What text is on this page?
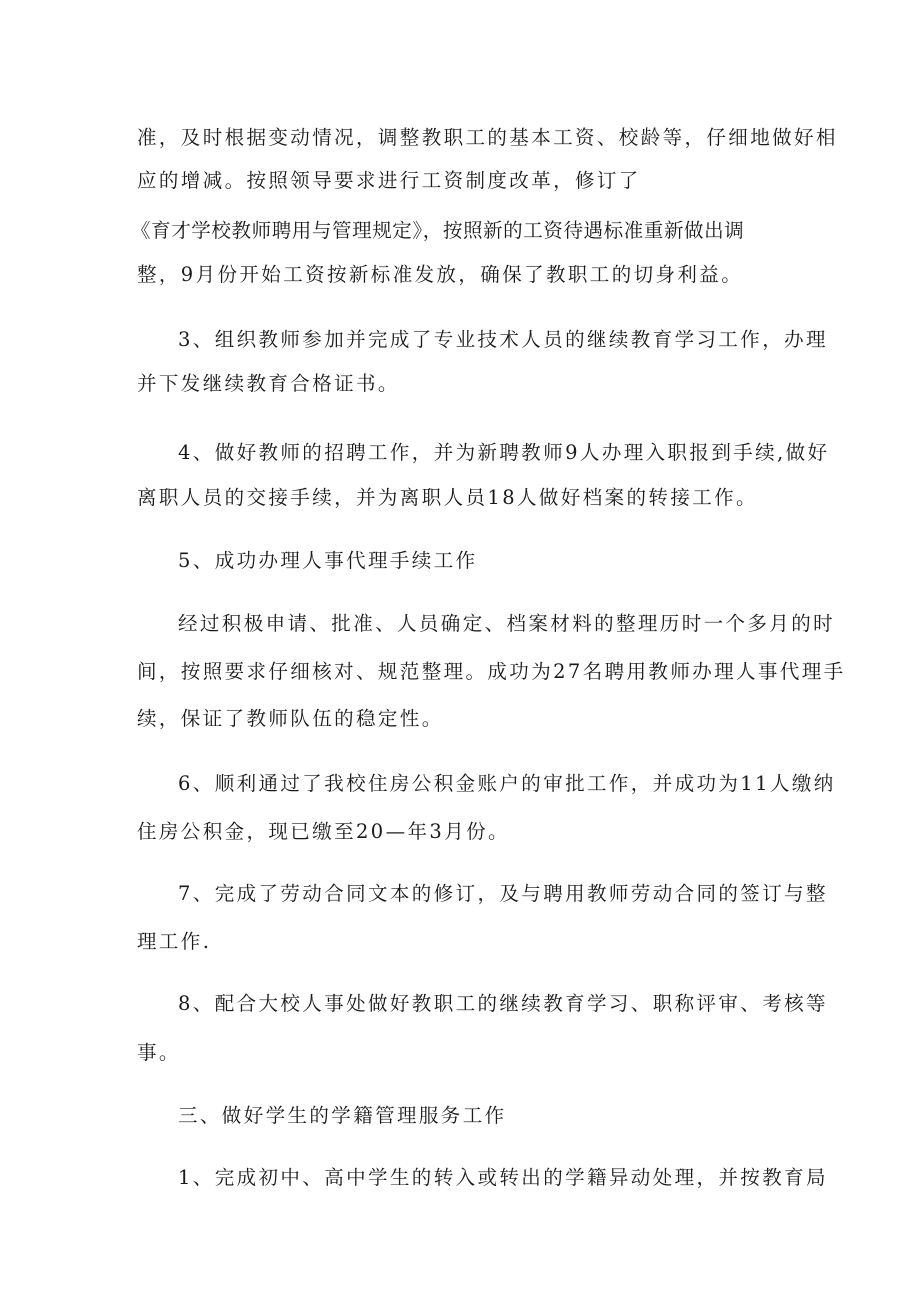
准，及时根据变动情况，调整教职工的基本工资、校龄等，仔细地做好相
应的增减。按照领导要求进行工资制度改革，修订了
《育才学校教师聘用与管理规定》，按照新的工资待遇标准重新做出调
整，9月份开始工资按新标准发放，确保了教职工的切身利益。
3、组织教师参加并完成了专业技术人员的继续教育学习工作，办理
并下发继续教育合格证书。
4、做好教师的招聘工作，并为新聘教师9人办理入职报到手续,做好
离职人员的交接手续，并为离职人员18人做好档案的转接工作。
5、成功办理人事代理手续工作
经过积极申请、批准、人员确定、档案材料的整理历时一个多月的时
间，按照要求仔细核对、规范整理。成功为27名聘用教师办理人事代理手
续，保证了教师队伍的稳定性。
6、顺利通过了我校住房公积金账户的审批工作，并成功为11人缴纳
住房公积金，现已缴至20—年3月份。
7、完成了劳动合同文本的修订，及与聘用教师劳动合同的签订与整
理工作.
8、配合大校人事处做好教职工的继续教育学习、职称评审、考核等
事。
三、做好学生的学籍管理服务工作
1、完成初中、高中学生的转入或转出的学籍异动处理，并按教育局
